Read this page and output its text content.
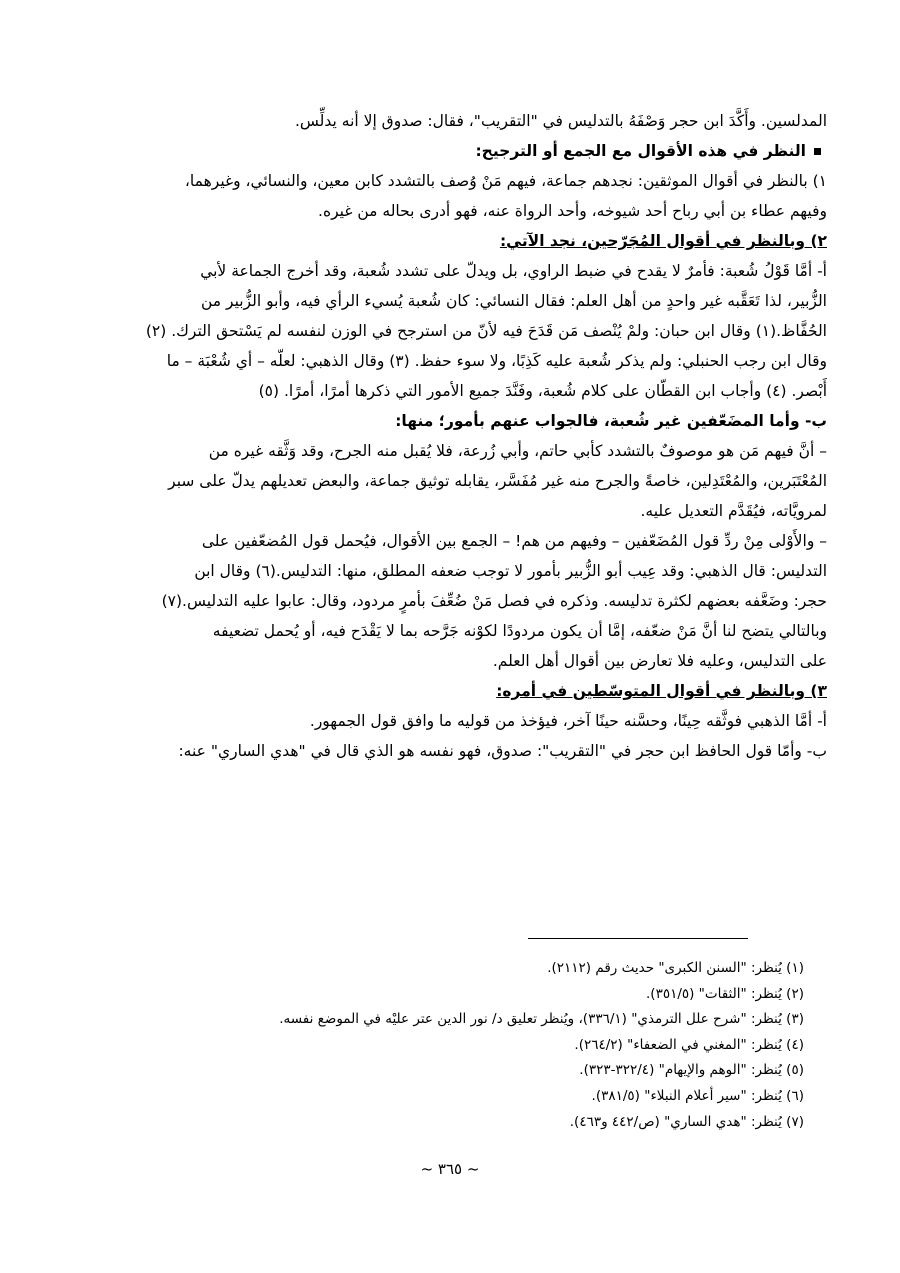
المدلسين. وأَكَّدَ ابن حجر وَصْفَهُ بالتدليس في "التقريب"، فقال: صدوق إلا أنه يدلِّس.
النظر في هذه الأقوال مع الجمع أو الترجيح:
١) بالنظر في أقوال الموثقين: نجدهم جماعة، فيهم مَنْ وُصف بالتشدد كابن معين، والنسائي، وغيرهما،
وفيهم عطاء بن أبي رباح أحد شيوخه، وأحد الرواة عنه، فهو أدرى بحاله من غيره.
٢) وبالنظر في أقوال المُجَرّحين، نجد الآتي:
أ- أمَّا قَوْلُ شُعبة: فأمرٌ لا يقدح في ضبط الراوي، بل ويدلّ على تشدد شُعبة، وقد أخرج الجماعة لأبي
الزُّبير، لذا تَعَقَّبه غير واحدٍ من أهل العلم: فقال النسائي: كان شُعبة يُسيء الرأي فيه، وأبو الزُّبير من
الحُفَّاظ.(١) وقال ابن حبان: ولمْ يُنْصف مَن قَدَحَ فيه لأنّ من استرجح في الوزن لنفسه لم يَسْتحق الترك. (٢)
وقال ابن رجب الحنبلي: ولم يذكر شُعبة عليه كَذِبًا، ولا سوء حفظ. (٣) وقال الذهبي: لعلّه – أي شُعْبَة – ما
أَبْصر. (٤) وأجاب ابن القطّان على كلام شُعبة، وفَنَّدَ جميع الأمور التي ذكرها أمرًا، أمرًا. (٥)
ب- وأما المضَعّفين غير شُعبة، فالجواب عنهم بأمور؛ منها:
– أنَّ فيهم مَن هو موصوفٌ بالتشدد كأبي حاتم، وأبي زُرعة، فلا يُقبل منه الجرح، وقد وَثَّقه غيره من
المُعْتَبَرين، والمُعْتَدِلين، خاصةً والجرح منه غير مُفَسَّر، يقابله توثيق جماعة، والبعض تعديلهم يدلّ على سبر
لمرويَّاته، فيُقَدَّم التعديل عليه.
– والأَوْلى مِنْ ردِّ قول المُضَعّفين – وفيهم من هم! – الجمع بين الأقوال، فيُحمل قول المُضعّفين على
التدليس: قال الذهبي: وقد عِيب أبو الزُّبير بأمور لا توجب ضعفه المطلق، منها: التدليس.(٦) وقال ابن
حجر: وضَعَّفه بعضهم لكثرة تدليسه. وذكره في فصل مَنْ ضُعِّفَ بأمرٍ مردود، وقال: عابوا عليه التدليس.(٧)
وبالتالي يتضح لنا أنَّ مَنْ ضعّفه، إمَّا أن يكون مردودًا لكوْنه جَرَّحه بما لا يَقْدَح فيه، أو يُحمل تضعيفه
على التدليس، وعليه فلا تعارض بين أقوال أهل العلم.
٣) وبالنظر في أقوال المتوسّطين في أمره:
أ- أمَّا الذهبي فوثَّقه حِينًا، وحسَّنه حينًا آخر، فيؤخذ من قوليه ما وافق قول الجمهور.
ب- وأمّا قول الحافظ ابن حجر في "التقريب": صدوق، فهو نفسه هو الذي قال في "هدي الساري" عنه:
(١) يُنظر: "السنن الكبرى" حديث رقم (٢١١٢).
(٢) يُنظر: "الثقات" (٣٥١/٥).
(٣) يُنظر: "شرح علل الترمذي" (٣٣٦/١)، ويُنظر تعليق د/ نور الدين عتر عليْه في الموضع نفسه.
(٤) يُنظر: "المغني في الضعفاء" (٢٦٤/٢).
(٥) يُنظر: "الوهم والإيهام" (٣٢٢/٤-٣٢٣).
(٦) يُنظر: "سير أعلام النبلاء" (٣٨١/٥).
(٧) يُنظر: "هدي الساري" (ص/٤٤٢ و٤٦٣).
~ ٣٦٥ ~
